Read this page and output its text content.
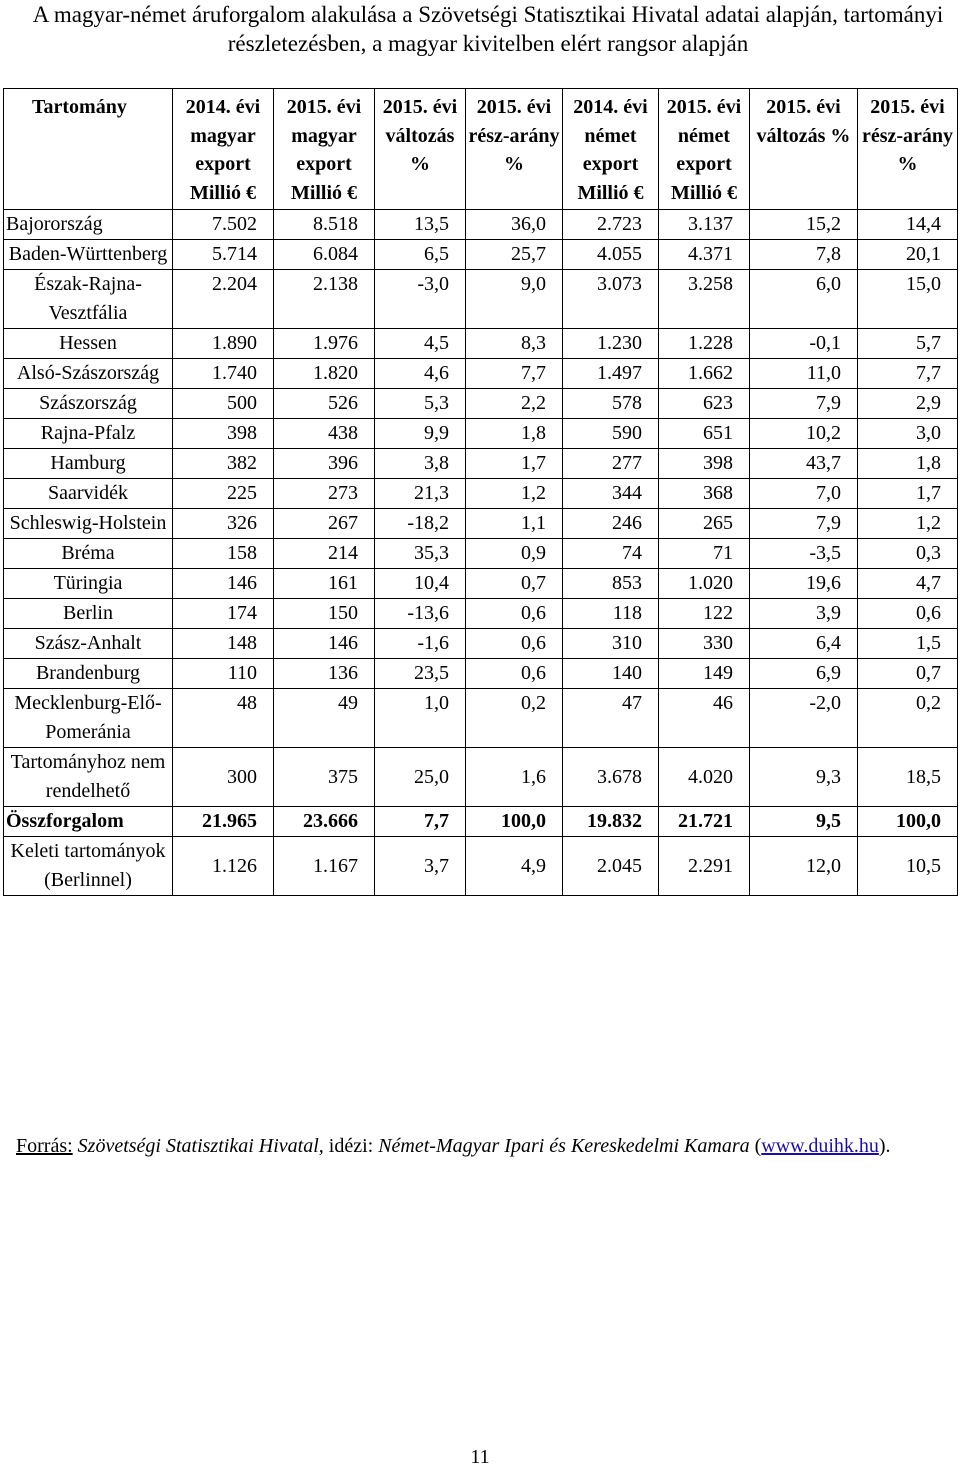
A magyar-német áruforgalom alakulása a Szövetségi Statisztikai Hivatal adatai alapján, tartományi részletezésben, a magyar kivitelben elért rangsor alapján
Tartomány	2014. évi magyar export Millió €	2015. évi magyar export Millió €	2015. évi változás %	2015. évi rész-arány %	2014. évi német export Millió €	2015. évi német export Millió €	2015. évi változás %	2015. évi rész-arány %
Bajorország	7.502	8.518	13,5	36,0	2.723	3.137	15,2	14,4
Baden-Württenberg	5.714	6.084	6,5	25,7	4.055	4.371	7,8	20,1
Észak-Rajna-Vesztfália	2.204	2.138	-3,0	9,0	3.073	3.258	6,0	15,0
Hessen	1.890	1.976	4,5	8,3	1.230	1.228	-0,1	5,7
Alsó-Szászország	1.740	1.820	4,6	7,7	1.497	1.662	11,0	7,7
Szászország	500	526	5,3	2,2	578	623	7,9	2,9
Rajna-Pfalz	398	438	9,9	1,8	590	651	10,2	3,0
Hamburg	382	396	3,8	1,7	277	398	43,7	1,8
Saarvidék	225	273	21,3	1,2	344	368	7,0	1,7
Schleswig-Holstein	326	267	-18,2	1,1	246	265	7,9	1,2
Bréma	158	214	35,3	0,9	74	71	-3,5	0,3
Türingia	146	161	10,4	0,7	853	1.020	19,6	4,7
Berlin	174	150	-13,6	0,6	118	122	3,9	0,6
Szász-Anhalt	148	146	-1,6	0,6	310	330	6,4	1,5
Brandenburg	110	136	23,5	0,6	140	149	6,9	0,7
Mecklenburg-Elő-Pomeránia	48	49	1,0	0,2	47	46	-2,0	0,2
Tartományhoz nem rendelhető	300	375	25,0	1,6	3.678	4.020	9,3	18,5
Összforgalom	21.965	23.666	7,7	100,0	19.832	21.721	9,5	100,0
Keleti tartományok (Berlinnel)	1.126	1.167	3,7	4,9	2.045	2.291	12,0	10,5
Forrás: Szövetségi Statisztikai Hivatal, idézi: Német-Magyar Ipari és Kereskedelmi Kamara (www.duihk.hu).
11
